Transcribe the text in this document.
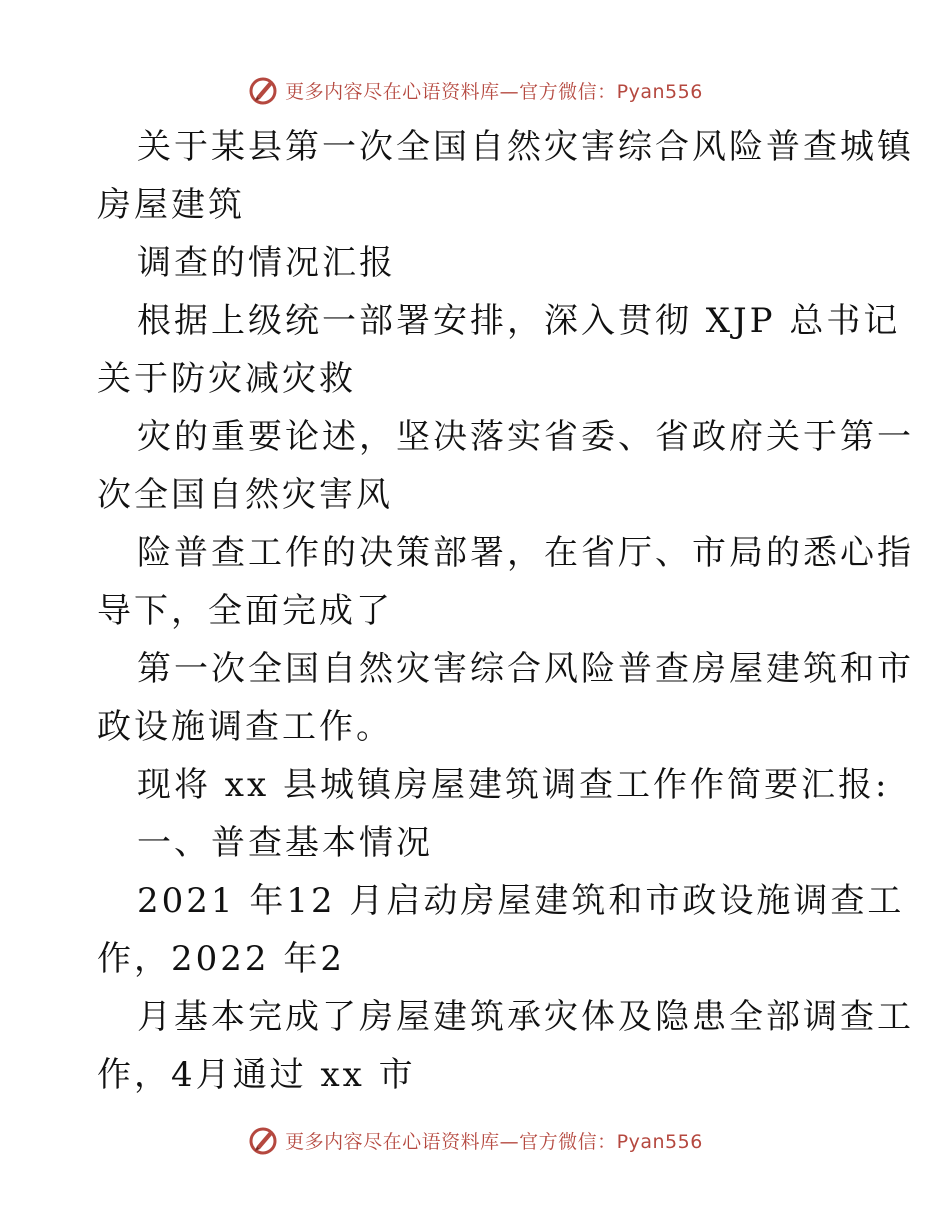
更多内容尽在心语资料库—官方微信：Pyan556

关于某县第一次全国自然灾害综合风险普查城镇

房屋建筑

调查的情况汇报

根据上级统一部署安排，深入贯彻 XJP 总书记

关于防灾减灾救

灾的重要论述，坚决落实省委、省政府关于第一

次全国自然灾害风

险普查工作的决策部署，在省厅、市局的悉心指

导下，全面完成了

第一次全国自然灾害综合风险普查房屋建筑和市

政设施调查工作。

现将 xx 县城镇房屋建筑调查工作作简要汇报:

一、普查基本情况

2021 年12 月启动房屋建筑和市政设施调查工

作，2022 年2

月基本完成了房屋建筑承灾体及隐患全部调查工

作，4月通过 xx 市

更多内容尽在心语资料库—官方微信：Pyan556
